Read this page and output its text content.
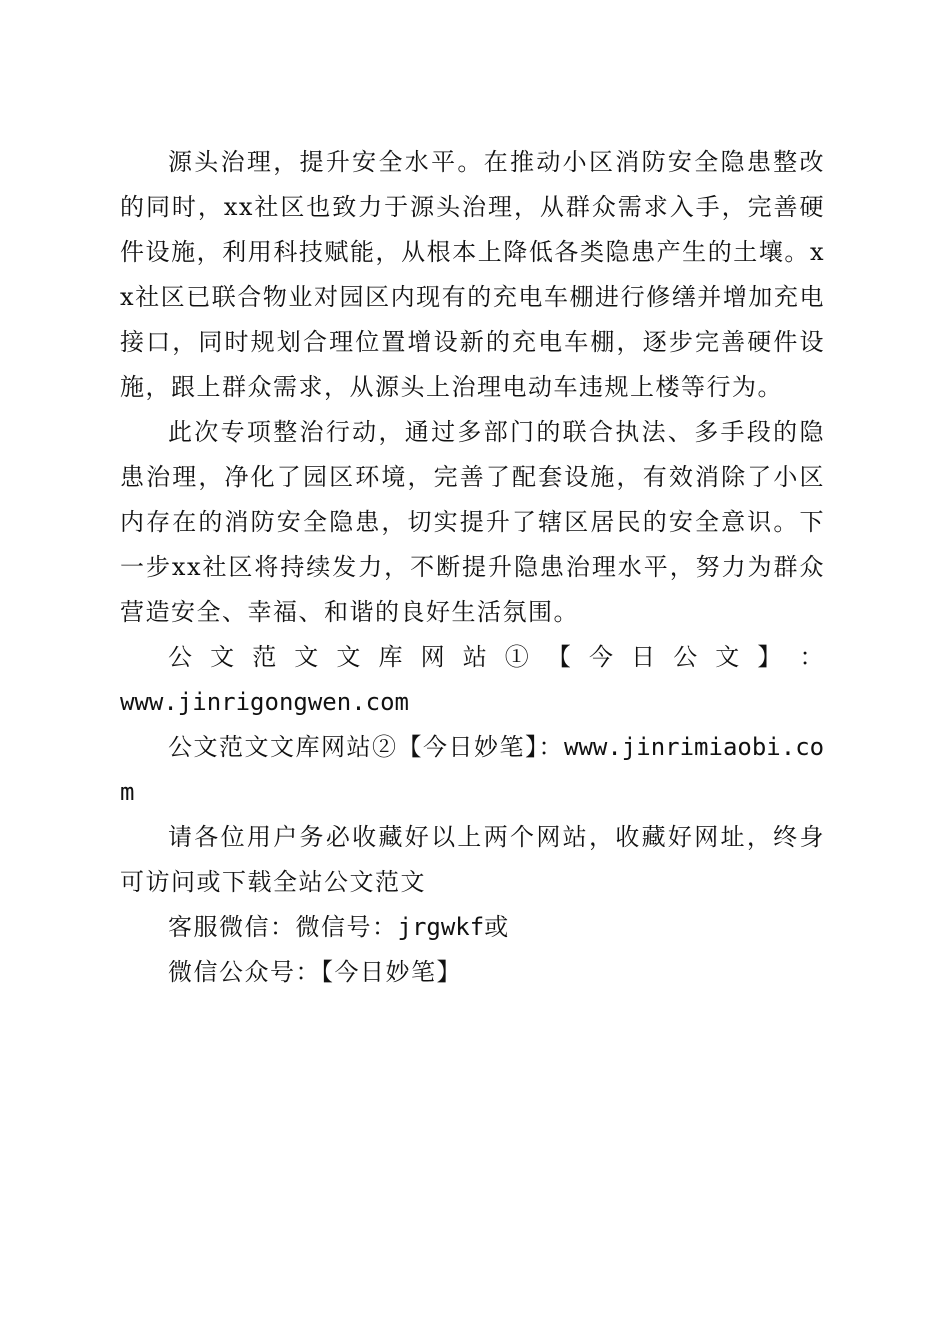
源头治理，提升安全水平。在推动小区消防安全隐患整改的同时，xx社区也致力于源头治理，从群众需求入手，完善硬件设施，利用科技赋能，从根本上降低各类隐患产生的土壤。xx社区已联合物业对园区内现有的充电车棚进行修缮并增加充电接口，同时规划合理位置增设新的充电车棚，逐步完善硬件设施，跟上群众需求，从源头上治理电动车违规上楼等行为。

此次专项整治行动，通过多部门的联合执法、多手段的隐患治理，净化了园区环境，完善了配套设施，有效消除了小区内存在的消防安全隐患，切实提升了辖区居民的安全意识。下一步xx社区将持续发力，不断提升隐患治理水平，努力为群众营造安全、幸福、和谐的良好生活氛围。

公 文 范 文 文 库 网 站 ① 【 今 日 公 文 】 ：

www.jinrigongwen.com

公文范文文库网站②【今日妙笔】：www.jinrimiaobi.com

请各位用户务必收藏好以上两个网站，收藏好网址，终身可访问或下载全站公文范文

客服微信：微信号：jrgwkf或

微信公众号：【今日妙笔】
